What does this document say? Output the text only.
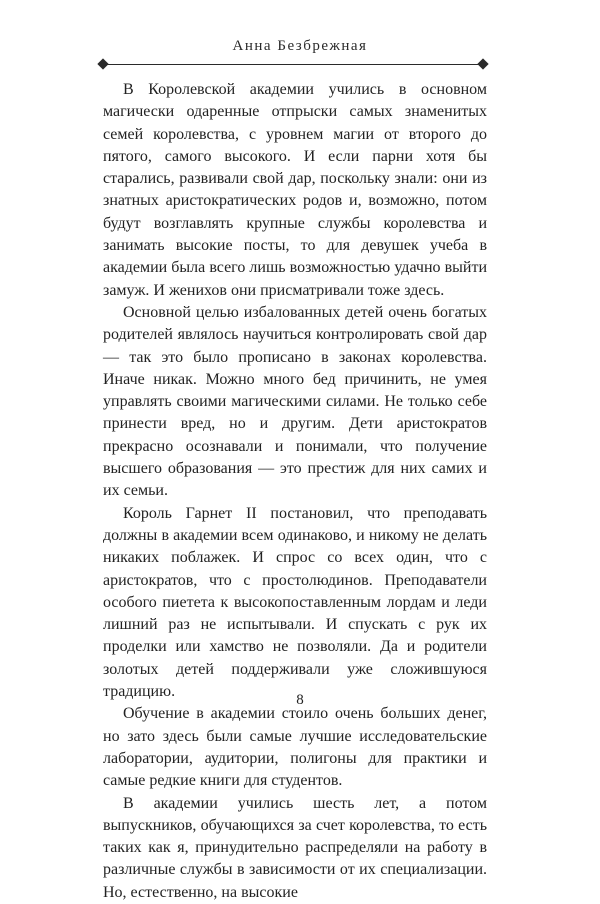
Анна Безбрежная

В Королевской академии учились в основном магически одаренные отпрыски самых знаменитых семей королевства, с уровнем магии от второго до пятого, самого высокого. И если парни хотя бы старались, развивали свой дар, поскольку знали: они из знатных аристократических родов и, возможно, потом будут возглавлять крупные службы королевства и занимать высокие посты, то для девушек учеба в академии была всего лишь возможностью удачно выйти замуж. И женихов они присматривали тоже здесь.

Основной целью избалованных детей очень богатых родителей являлось научиться контролировать свой дар — так это было прописано в законах королевства. Иначе никак. Можно много бед причинить, не умея управлять своими магическими силами. Не только себе принести вред, но и другим. Дети аристократов прекрасно осознавали и понимали, что получение высшего образования — это престиж для них самих и их семьи.

Король Гарнет II постановил, что преподавать должны в академии всем одинаково, и никому не делать никаких поблажек. И спрос со всех один, что с аристократов, что с простолюдинов. Преподаватели особого пиетета к высокопоставленным лордам и леди лишний раз не испытывали. И спускать с рук их проделки или хамство не позволяли. Да и родители золотых детей поддерживали уже сложившуюся традицию.

Обучение в академии стоило очень больших денег, но зато здесь были самые лучшие исследовательские лаборатории, аудитории, полигоны для практики и самые редкие книги для студентов.

В академии учились шесть лет, а потом выпускников, обучающихся за счет королевства, то есть таких как я, принудительно распределяли на работу в различные службы в зависимости от их специализации. Но, естественно, на высокие

8
